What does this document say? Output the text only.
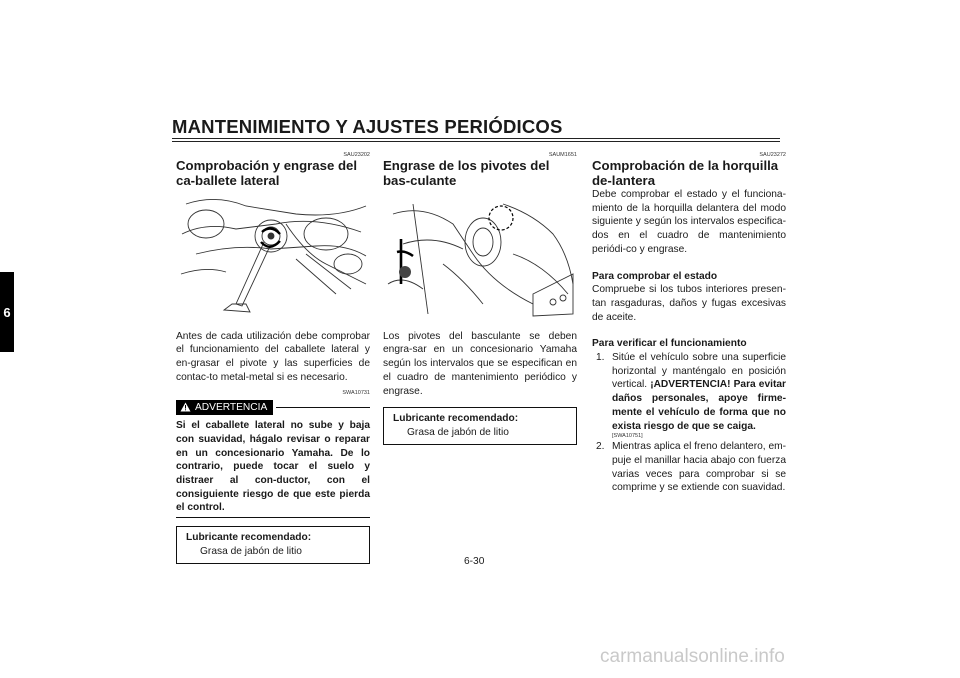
MANTENIMIENTO Y AJUSTES PERIÓDICOS
6
SAU23202
Comprobación y engrase del ca-ballete lateral

Antes de cada utilización debe comprobar el funcionamiento del caballete lateral y en-grasar el pivote y las superficies de contac-to metal-metal si es necesario.

SWA10731
ADVERTENCIA

Si el caballete lateral no sube y baja con suavidad, hágalo revisar o reparar en un concesionario Yamaha. De lo contrario, puede tocar el suelo y distraer al con-ductor, con el consiguiente riesgo de que este pierda el control.

Lubricante recomendado:
Grasa de jabón de litio
SAUM1651
Engrase de los pivotes del bas-culante

Los pivotes del basculante se deben engra-sar en un concesionario Yamaha según los intervalos que se especifican en el cuadro de mantenimiento periódico y engrase.

Lubricante recomendado:
Grasa de jabón de litio
SAU23272
Comprobación de la horquilla de-lantera

Debe comprobar el estado y el funciona-miento de la horquilla delantera del modo siguiente y según los intervalos especifica-dos en el cuadro de mantenimiento periódi-co y engrase.

Para comprobar el estado

Compruebe si los tubos interiores presen-tan rasgaduras, daños y fugas excesivas de aceite.

Para verificar el funcionamiento
1. Sitúe el vehículo sobre una superficie horizontal y manténgalo en posición vertical. ¡ADVERTENCIA! Para evitar daños personales, apoye firme-mente el vehículo de forma que no exista riesgo de que se caiga.
[SWA10751]
2. Mientras aplica el freno delantero, em-puje el manillar hacia abajo con fuerza varias veces para comprobar si se comprime y se extiende con suavidad.
6-30
carmanualsonline.info
